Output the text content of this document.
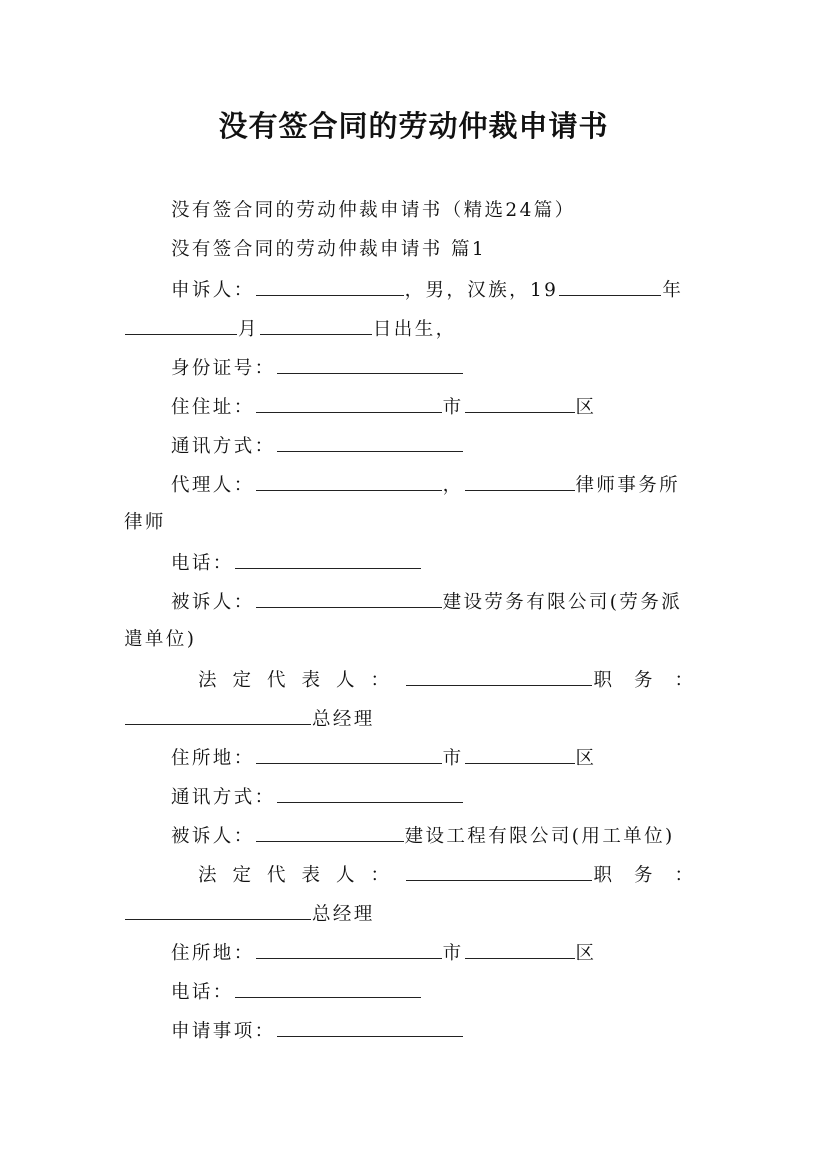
没有签合同的劳动仲裁申请书
没有签合同的劳动仲裁申请书（精选24篇）
没有签合同的劳动仲裁申请书 篇1
申诉人：	，男，汉族，19	年
月	日出生，
身份证号：
住住址：	市	区
通讯方式：
代理人：	，	律师事务所
律师
电话：
被诉人：	建设劳务有限公司(劳务派
遣单位)
法定代表人：	职务：
总经理
住所地：	市	区
通讯方式：
被诉人：	建设工程有限公司(用工单位)
法定代表人：	职务：
总经理
住所地：	市	区
电话：
申请事项：
